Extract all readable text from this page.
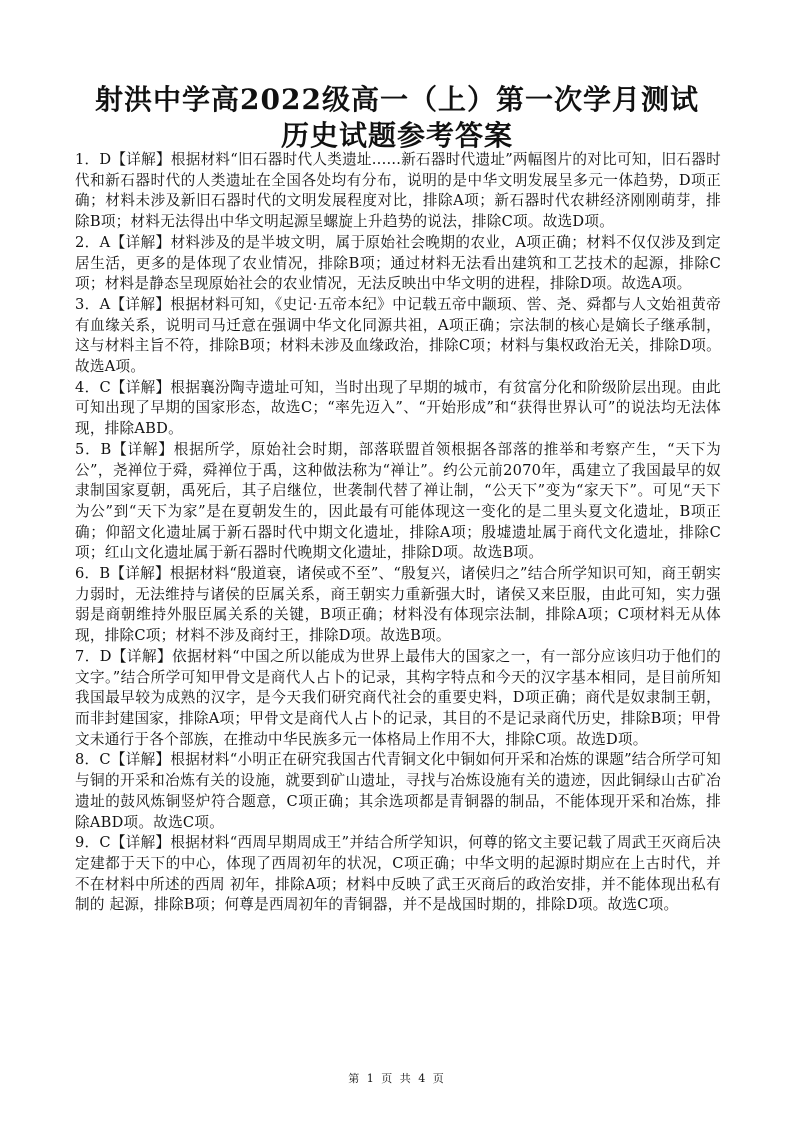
射洪中学高2022级高一（上）第一次学月测试
历史试题参考答案

1．D【详解】根据材料“旧石器时代人类遗址......新石器时代遗址”两幅图片的对比可知，旧石器时代和新石器时代的人类遗址在全国各处均有分布，说明的是中华文明发展呈多元一体趋势，D项正确；材料未涉及新旧石器时代的文明发展程度对比，排除A项；新石器时代农耕经济刚刚萌芽，排除B项；材料无法得出中华文明起源呈螺旋上升趋势的说法，排除C项。故选D项。

2．A【详解】材料涉及的是半坡文明，属于原始社会晚期的农业，A项正确；材料不仅仅涉及到定居生活，更多的是体现了农业情况，排除B项；通过材料无法看出建筑和工艺技术的起源，排除C项；材料是静态呈现原始社会的农业情况，无法反映出中华文明的进程，排除D项。故选A项。

3．A【详解】根据材料可知，《史记·五帝本纪》中记载五帝中颛顼、喾、尧、舜都与人文始祖黄帝有血缘关系，说明司马迁意在强调中华文化同源共祖，A项正确；宗法制的核心是嫡长子继承制，这与材料主旨不符，排除B项；材料未涉及血缘政治，排除C项；材料与集权政治无关，排除D项。故选A项。

4．C【详解】根据襄汾陶寺遗址可知，当时出现了早期的城市，有贫富分化和阶级阶层出现。由此可知出现了早期的国家形态，故选C；“率先迈入”、“开始形成”和“获得世界认可”的说法均无法体现，排除ABD。

5．B【详解】根据所学，原始社会时期，部落联盟首领根据各部落的推举和考察产生，“天下为公”，尧禅位于舜，舜禅位于禹，这种做法称为“禅让”。约公元前2070年，禹建立了我国最早的奴隶制国家夏朝，禹死后，其子启继位，世袭制代替了禅让制，“公天下”变为“家天下”。可见“天下为公”到“天下为家”是在夏朝发生的，因此最有可能体现这一变化的是二里头夏文化遗址，B项正确；仰韶文化遗址属于新石器时代中期文化遗址，排除A项；殷墟遗址属于商代文化遗址，排除C项；红山文化遗址属于新石器时代晚期文化遗址，排除D项。故选B项。

6．B【详解】根据材料“殷道衰，诸侯或不至”、“殷复兴，诸侯归之”结合所学知识可知，商王朝实力弱时，无法维持与诸侯的臣属关系，商王朝实力重新强大时，诸侯又来臣服，由此可知，实力强弱是商朝维持外服臣属关系的关键，B项正确；材料没有体现宗法制，排除A项；C项材料无从体现，排除C项；材料不涉及商纣王，排除D项。故选B项。

7．D【详解】依据材料“中国之所以能成为世界上最伟大的国家之一，有一部分应该归功于他们的文字。”结合所学可知甲骨文是商代人占卜的记录，其构字特点和今天的汉字基本相同，是目前所知我国最早较为成熟的汉字，是今天我们研究商代社会的重要史料，D项正确；商代是奴隶制王朝，而非封建国家，排除A项；甲骨文是商代人占卜的记录，其目的不是记录商代历史，排除B项；甲骨文未通行于各个部族，在推动中华民族多元一体格局上作用不大，排除C项。故选D项。

8．C【详解】根据材料“小明正在研究我国古代青铜文化中铜如何开采和冶炼的课题”结合所学可知与铜的开采和冶炼有关的设施，就要到矿山遗址，寻找与冶炼设施有关的遗迹，因此铜绿山古矿冶遗址的鼓风炼铜竖炉符合题意，C项正确；其余选项都是青铜器的制品，不能体现开采和冶炼，排除ABD项。故选C项。

9．C【详解】根据材料“西周早期周成王”并结合所学知识，何尊的铭文主要记载了周武王灭商后决定建都于天下的中心，体现了西周初年的状况，C项正确；中华文明的起源时期应在上古时代，并不在材料中所述的西周 初年，排除A项；材料中反映了武王灭商后的政治安排，并不能体现出私有制的 起源，排除B项；何尊是西周初年的青铜器，并不是战国时期的，排除D项。故选C项。

第 1 页 共 4 页
